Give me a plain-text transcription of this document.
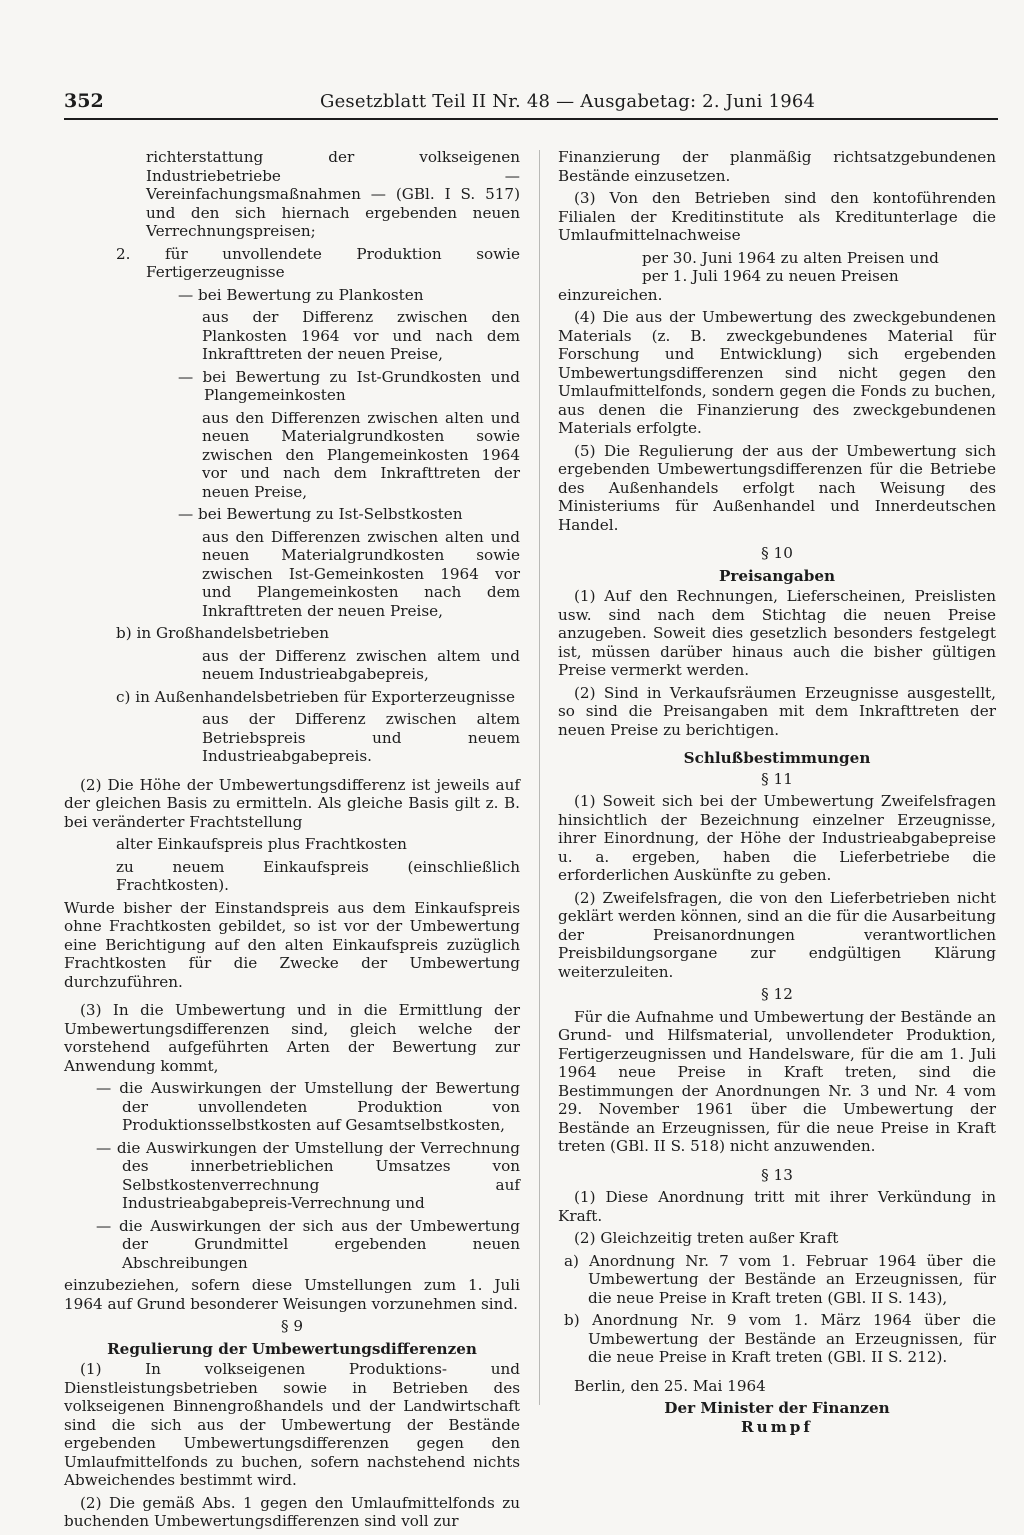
352	Gesetzblatt Teil II Nr. 48 — Ausgabetag: 2. Juni 1964

richterstattung der volkseigenen Industriebetriebe — Vereinfachungsmaßnahmen — (GBl. I S. 517) und den sich hiernach ergebenden neuen Verrechnungspreisen;

2. für unvollendete Produktion sowie Fertigerzeugnisse

— bei Bewertung zu Plankosten

aus der Differenz zwischen den Plankosten 1964 vor und nach dem Inkrafttreten der neuen Preise,

— bei Bewertung zu Ist-Grundkosten und Plangemeinkosten

aus den Differenzen zwischen alten und neuen Materialgrundkosten sowie zwischen den Plangemeinkosten 1964 vor und nach dem Inkrafttreten der neuen Preise,

— bei Bewertung zu Ist-Selbstkosten

aus den Differenzen zwischen alten und neuen Materialgrundkosten sowie zwischen Ist-Gemeinkosten 1964 vor und Plangemeinkosten nach dem Inkrafttreten der neuen Preise,

b) in Großhandelsbetrieben

aus der Differenz zwischen altem und neuem Industrieabgabepreis,

c) in Außenhandelsbetrieben für Exporterzeugnisse

aus der Differenz zwischen altem Betriebspreis und neuem Industrieabgabepreis.

(2) Die Höhe der Umbewertungsdifferenz ist jeweils auf der gleichen Basis zu ermitteln. Als gleiche Basis gilt z. B. bei veränderter Frachtstellung

alter Einkaufspreis plus Frachtkosten

zu neuem Einkaufspreis (einschließlich Frachtkosten).

Wurde bisher der Einstandspreis aus dem Einkaufspreis ohne Frachtkosten gebildet, so ist vor der Umbewertung eine Berichtigung auf den alten Einkaufspreis zuzüglich Frachtkosten für die Zwecke der Umbewertung durchzuführen.

(3) In die Umbewertung und in die Ermittlung der Umbewertungsdifferenzen sind, gleich welche der vorstehend aufgeführten Arten der Bewertung zur Anwendung kommt,

— die Auswirkungen der Umstellung der Bewertung der unvollendeten Produktion von Produktionsselbstkosten auf Gesamtselbstkosten,

— die Auswirkungen der Umstellung der Verrechnung des innerbetrieblichen Umsatzes von Selbstkostenverrechnung auf Industrieabgabepreis-Verrechnung und

— die Auswirkungen der sich aus der Umbewertung der Grundmittel ergebenden neuen Abschreibungen

einzubeziehen, sofern diese Umstellungen zum 1. Juli 1964 auf Grund besonderer Weisungen vorzunehmen sind.

§ 9

Regulierung der Umbewertungsdifferenzen

(1) In volkseigenen Produktions- und Dienstleistungsbetrieben sowie in Betrieben des volkseigenen Binnengroßhandels und der Landwirtschaft sind die sich aus der Umbewertung der Bestände ergebenden Umbewertungsdifferenzen gegen den Umlaufmittelfonds zu buchen, sofern nachstehend nichts Abweichendes bestimmt wird.

(2) Die gemäß Abs. 1 gegen den Umlaufmittelfonds zu buchenden Umbewertungsdifferenzen sind voll zur

Finanzierung der planmäßig richtsatzgebundenen Bestände einzusetzen.

(3) Von den Betrieben sind den kontoführenden Filialen der Kreditinstitute als Kreditunterlage die Umlaufmittelnachweise

per 30. Juni 1964 zu alten Preisen und

per 1. Juli 1964 zu neuen Preisen

einzureichen.

(4) Die aus der Umbewertung des zweckgebundenen Materials (z. B. zweckgebundenes Material für Forschung und Entwicklung) sich ergebenden Umbewertungsdifferenzen sind nicht gegen den Umlaufmittelfonds, sondern gegen die Fonds zu buchen, aus denen die Finanzierung des zweckgebundenen Materials erfolgte.

(5) Die Regulierung der aus der Umbewertung sich ergebenden Umbewertungsdifferenzen für die Betriebe des Außenhandels erfolgt nach Weisung des Ministeriums für Außenhandel und Innerdeutschen Handel.

§ 10

Preisangaben

(1) Auf den Rechnungen, Lieferscheinen, Preislisten usw. sind nach dem Stichtag die neuen Preise anzugeben. Soweit dies gesetzlich besonders festgelegt ist, müssen darüber hinaus auch die bisher gültigen Preise vermerkt werden.

(2) Sind in Verkaufsräumen Erzeugnisse ausgestellt, so sind die Preisangaben mit dem Inkrafttreten der neuen Preise zu berichtigen.

Schlußbestimmungen

§ 11

(1) Soweit sich bei der Umbewertung Zweifelsfragen hinsichtlich der Bezeichnung einzelner Erzeugnisse, ihrer Einordnung, der Höhe der Industrieabgabepreise u. a. ergeben, haben die Lieferbetriebe die erforderlichen Auskünfte zu geben.

(2) Zweifelsfragen, die von den Lieferbetrieben nicht geklärt werden können, sind an die für die Ausarbeitung der Preisanordnungen verantwortlichen Preisbildungsorgane zur endgültigen Klärung weiterzuleiten.

§ 12

Für die Aufnahme und Umbewertung der Bestände an Grund- und Hilfsmaterial, unvollendeter Produktion, Fertigerzeugnissen und Handelsware, für die am 1. Juli 1964 neue Preise in Kraft treten, sind die Bestimmungen der Anordnungen Nr. 3 und Nr. 4 vom 29. November 1961 über die Umbewertung der Bestände an Erzeugnissen, für die neue Preise in Kraft treten (GBl. II S. 518) nicht anzuwenden.

§ 13

(1) Diese Anordnung tritt mit ihrer Verkündung in Kraft.

(2) Gleichzeitig treten außer Kraft

a) Anordnung Nr. 7 vom 1. Februar 1964 über die Umbewertung der Bestände an Erzeugnissen, für die neue Preise in Kraft treten (GBl. II S. 143),

b) Anordnung Nr. 9 vom 1. März 1964 über die Umbewertung der Bestände an Erzeugnissen, für die neue Preise in Kraft treten (GBl. II S. 212).

Berlin, den 25. Mai 1964

Der Minister der Finanzen

Rumpf
